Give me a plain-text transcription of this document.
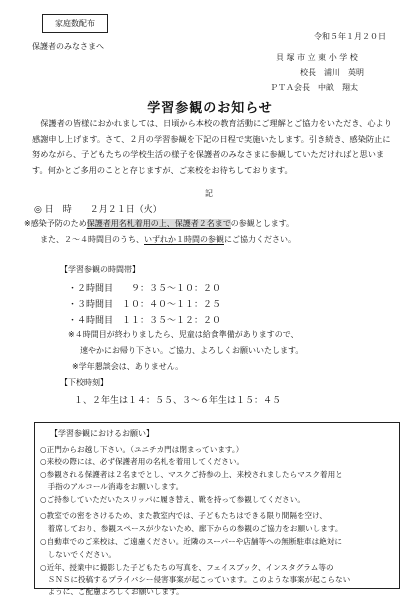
家庭数配布
令和５年１月２０日
保護者のみなさまへ
貝 塚 市 立 東 小 学 校
校長　浦川　英明
ＰＴＡ会長　中畝　翔太
学習参観のお知らせ
保護者の皆様におかれましては、日頃から本校の教育活動にご理解とご協力をいただき、心より感謝申し上げます。さて、２月の学習参観を下記の日程で実施いたします。引き続き、感染防止に努めながら、子どもたちの学校生活の様子を保護者のみなさまに参観していただければと思います。何かとご多用のことと存じますが、ご来校をお待ちしております。
記
◎ 日　時　　２月２１日（火）
※感染予防のため保護者用名札着用の上、保護者２名までの参観とします。
また、２～４時間目のうち、いずれか１時間の参観にご協力ください。
【学習参観の時間帯】
・２時間目　　９：３５～１０：２０
・３時間目　１０：４０～１１：２５
・４時間目　１１：３５～１２：２０
※４時間目が終わりましたら、児童は給食準備がありますので、
速やかにお帰り下さい。ご協力、よろしくお願いいたします。
※学年懇談会は、ありません。
【下校時刻】
１、２年生は１４：５５、３～６年生は１５：４５
【学習参観におけるお願い】
○正門からお越し下さい。（ユニチカ門は閉まっています。）
○来校の際には、必ず保護者用の名札を着用してください。
○参観される保護者は２名までとし、マスクご持参の上、来校されましたらマスク着用と
　手指のアルコール消毒をお願いします。
○ご持参していただいたスリッパに履き替え、靴を持って参観してください。
○教室での密をさけるため、また教室内では、子どもたちはできる限り間隔を空け、
　着席しており、参観スペースが少ないため、廊下からの参観のご協力をお願いします。
○自動車でのご来校は、ご遠慮ください。近隣のスーパーや店舗等への無断駐車は絶対に
　しないでください。
○近年、授業中に撮影した子どもたちの写真を、フェイスブック、インスタグラム等の
　ＳＮＳに投稿するプライバシー侵害事案が起こっています。このような事案が起こらない
　ように、ご配慮よろしくお願いします。
